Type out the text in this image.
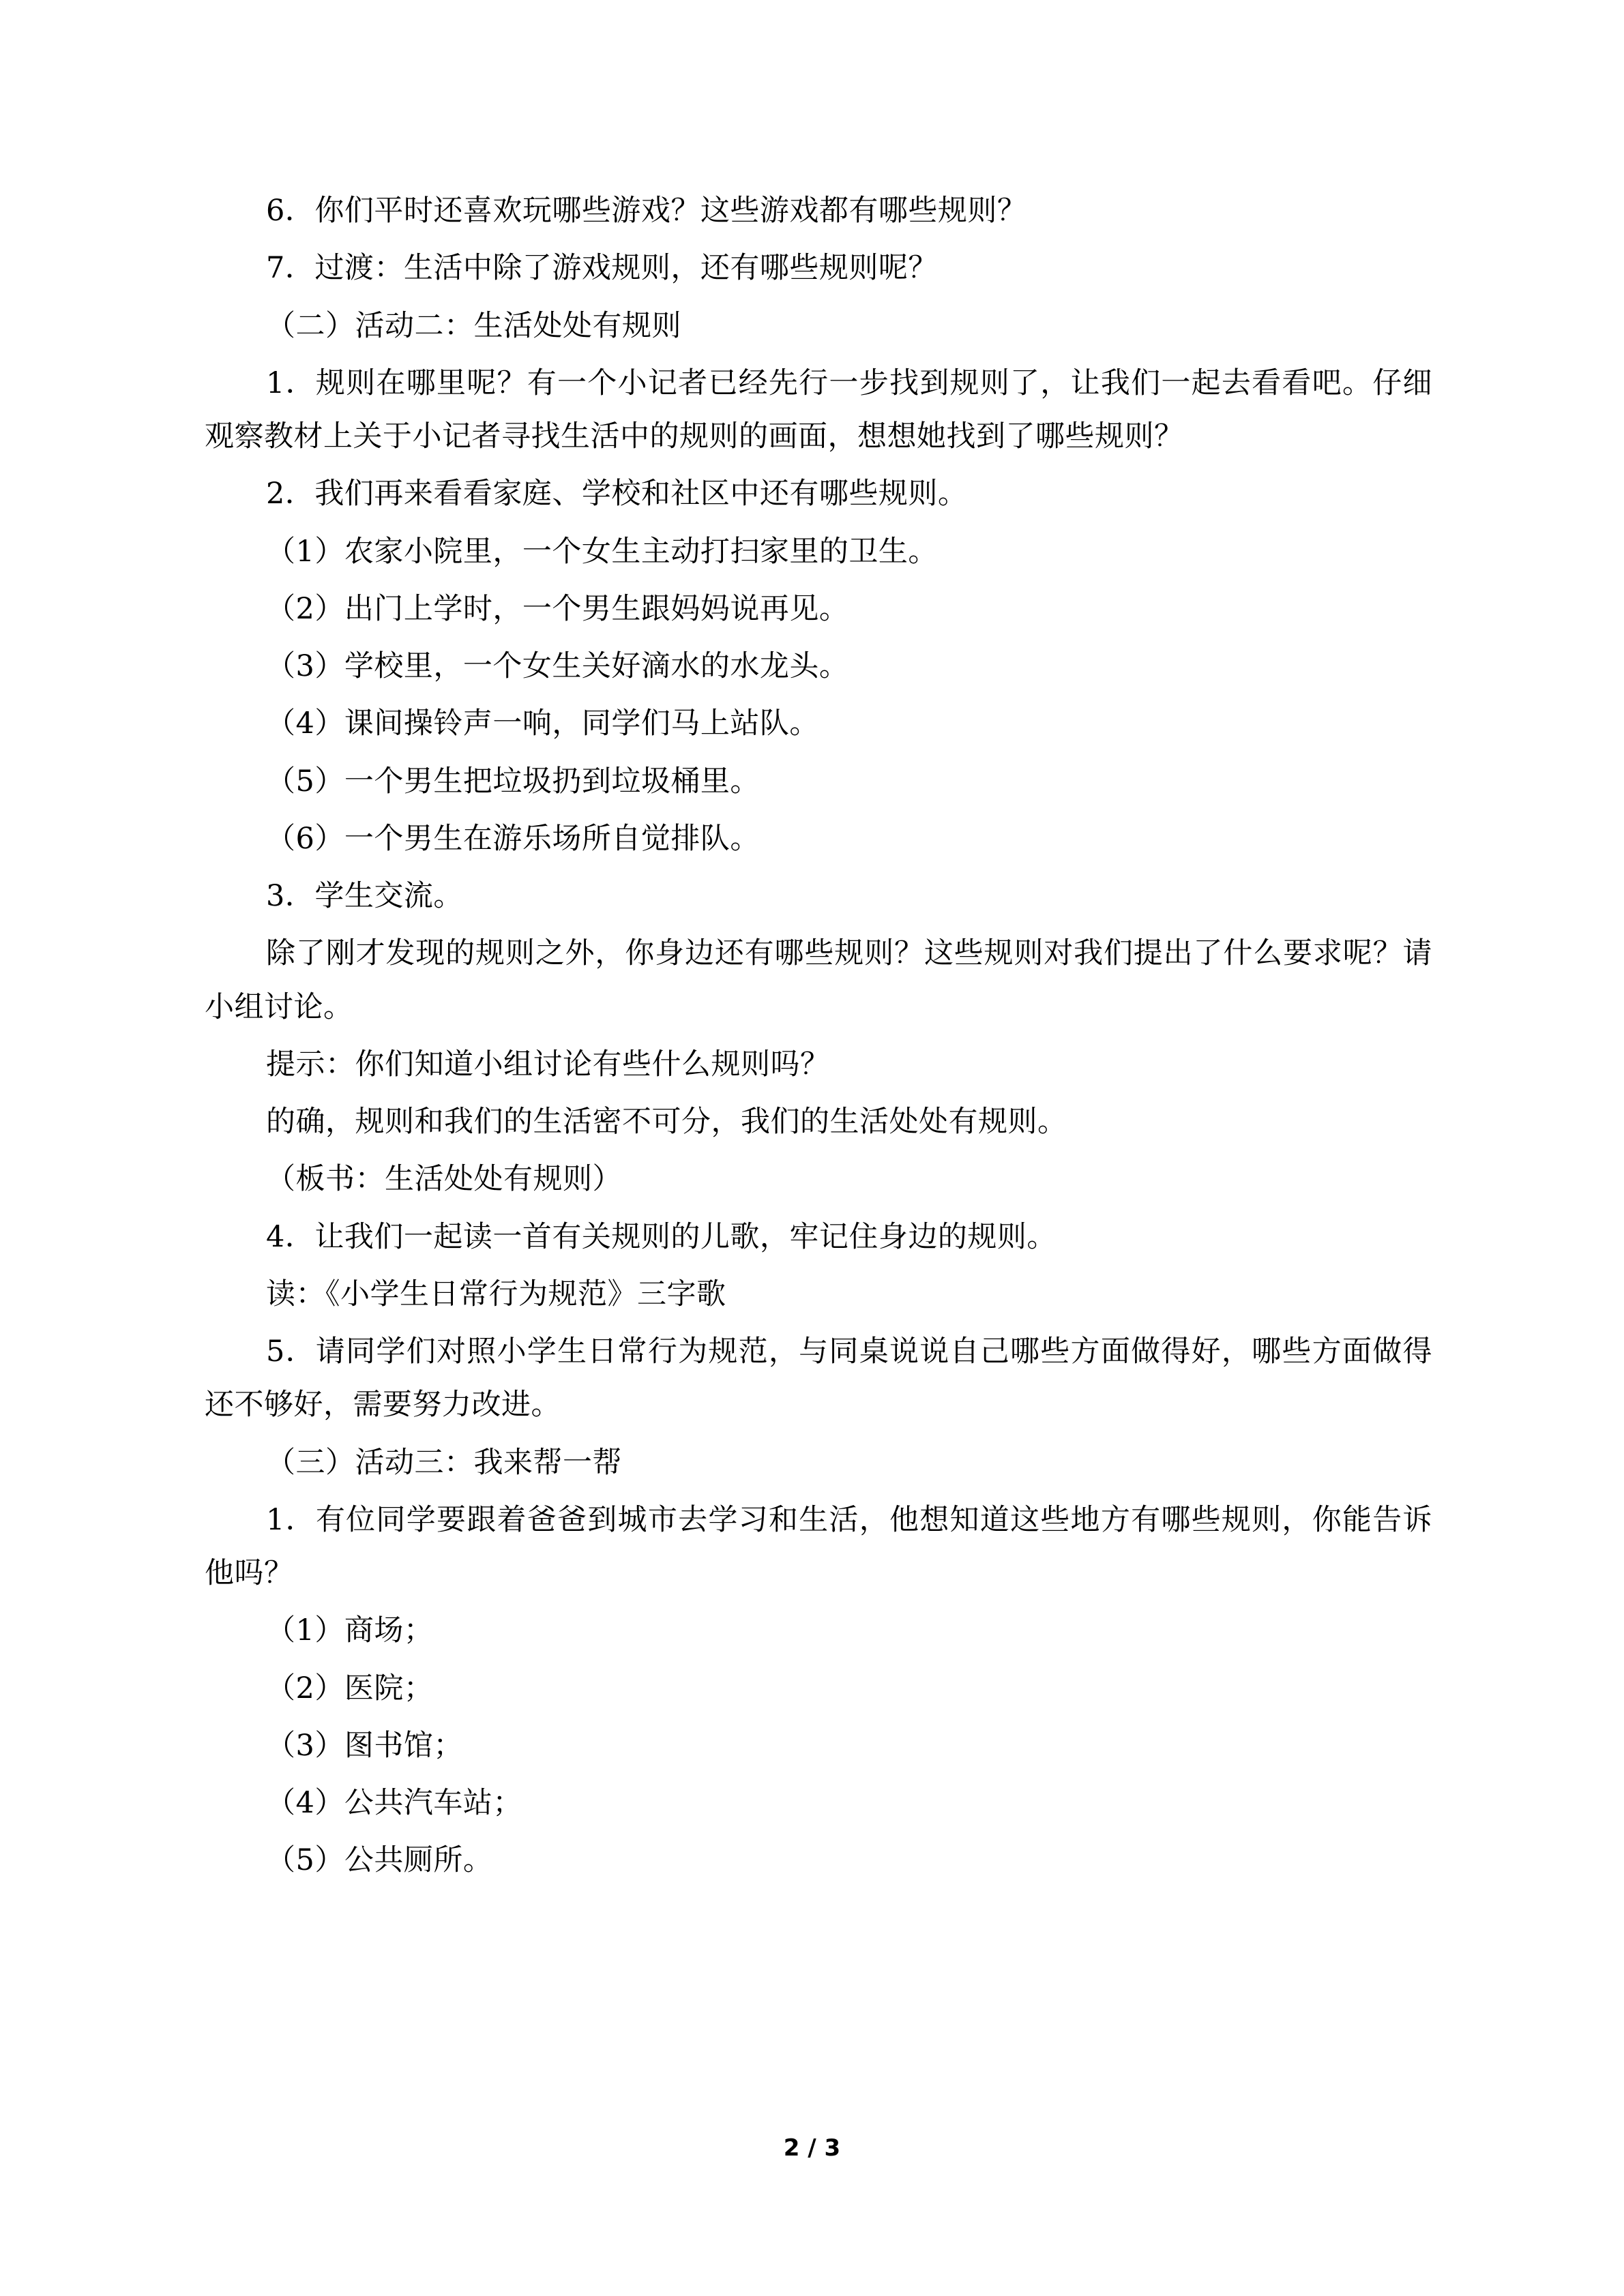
6．你们平时还喜欢玩哪些游戏？这些游戏都有哪些规则？

7．过渡：生活中除了游戏规则，还有哪些规则呢？

（二）活动二：生活处处有规则

1．规则在哪里呢？有一个小记者已经先行一步找到规则了，让我们一起去看看吧。仔细观察教材上关于小记者寻找生活中的规则的画面，想想她找到了哪些规则？

2．我们再来看看家庭、学校和社区中还有哪些规则。

（1）农家小院里，一个女生主动打扫家里的卫生。

（2）出门上学时，一个男生跟妈妈说再见。

（3）学校里，一个女生关好滴水的水龙头。

（4）课间操铃声一响，同学们马上站队。

（5）一个男生把垃圾扔到垃圾桶里。

（6）一个男生在游乐场所自觉排队。

3．学生交流。

除了刚才发现的规则之外，你身边还有哪些规则？这些规则对我们提出了什么要求呢？请小组讨论。

提示：你们知道小组讨论有些什么规则吗？

的确，规则和我们的生活密不可分，我们的生活处处有规则。

（板书：生活处处有规则）

4．让我们一起读一首有关规则的儿歌，牢记住身边的规则。

读：《小学生日常行为规范》三字歌

5．请同学们对照小学生日常行为规范，与同桌说说自己哪些方面做得好，哪些方面做得还不够好，需要努力改进。

（三）活动三：我来帮一帮

1．有位同学要跟着爸爸到城市去学习和生活，他想知道这些地方有哪些规则，你能告诉他吗？

（1）商场；

（2）医院；

（3）图书馆；

（4）公共汽车站；

（5）公共厕所。

2 / 3
